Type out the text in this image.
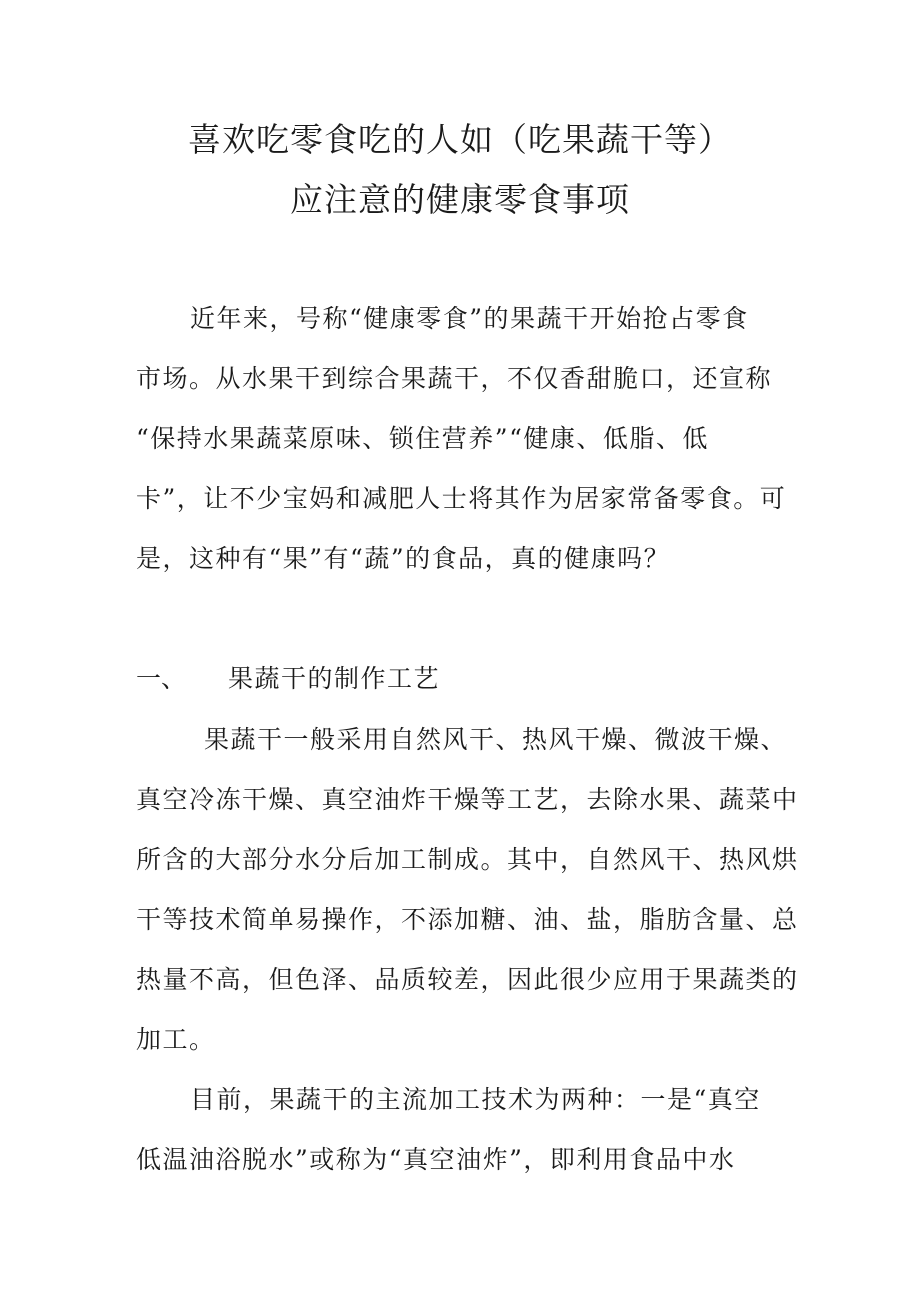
喜欢吃零食吃的人如（吃果蔬干等）
应注意的健康零食事项
近年来，号称“健康零食”的果蔬干开始抢占零食
市场。从水果干到综合果蔬干，不仅香甜脆口，还宣称
“保持水果蔬菜原味、锁住营养”“健康、低脂、低
卡”，让不少宝妈和减肥人士将其作为居家常备零食。可
是，这种有“果”有“蔬”的食品，真的健康吗？
一、 果蔬干的制作工艺
果蔬干一般采用自然风干、热风干燥、微波干燥、
真空冷冻干燥、真空油炸干燥等工艺，去除水果、蔬菜中
所含的大部分水分后加工制成。其中，自然风干、热风烘
干等技术简单易操作，不添加糖、油、盐，脂肪含量、总
热量不高，但色泽、品质较差，因此很少应用于果蔬类的
加工。
目前，果蔬干的主流加工技术为两种：一是“真空
低温油浴脱水”或称为“真空油炸”，即利用食品中水
